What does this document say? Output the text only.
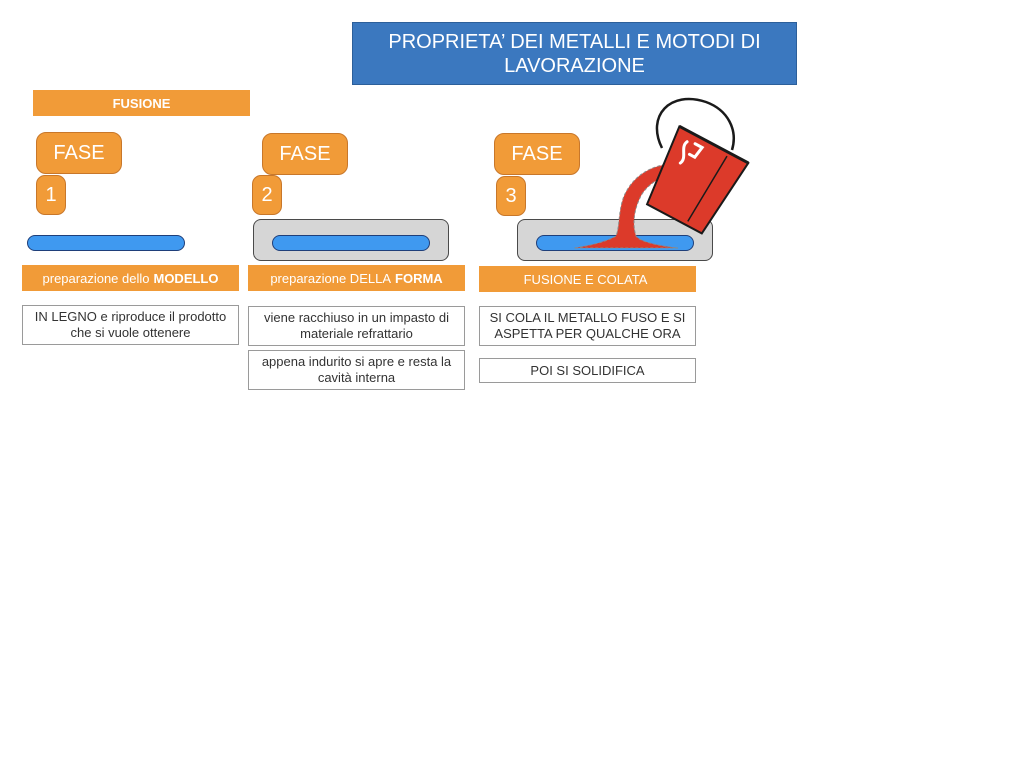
PROPRIETA’ DEI METALLI E MOTODI DI
LAVORAZIONE
FUSIONE
FASE
1
preparazione dello MODELLO
IN LEGNO e riproduce il prodotto che si vuole ottenere
FASE
2
preparazione DELLA FORMA
viene racchiuso in un impasto di materiale refrattario
appena indurito si apre e resta la cavità interna
FASE
3
FUSIONE E COLATA
SI COLA IL METALLO FUSO E SI ASPETTA PER QUALCHE ORA
POI SI SOLIDIFICA
